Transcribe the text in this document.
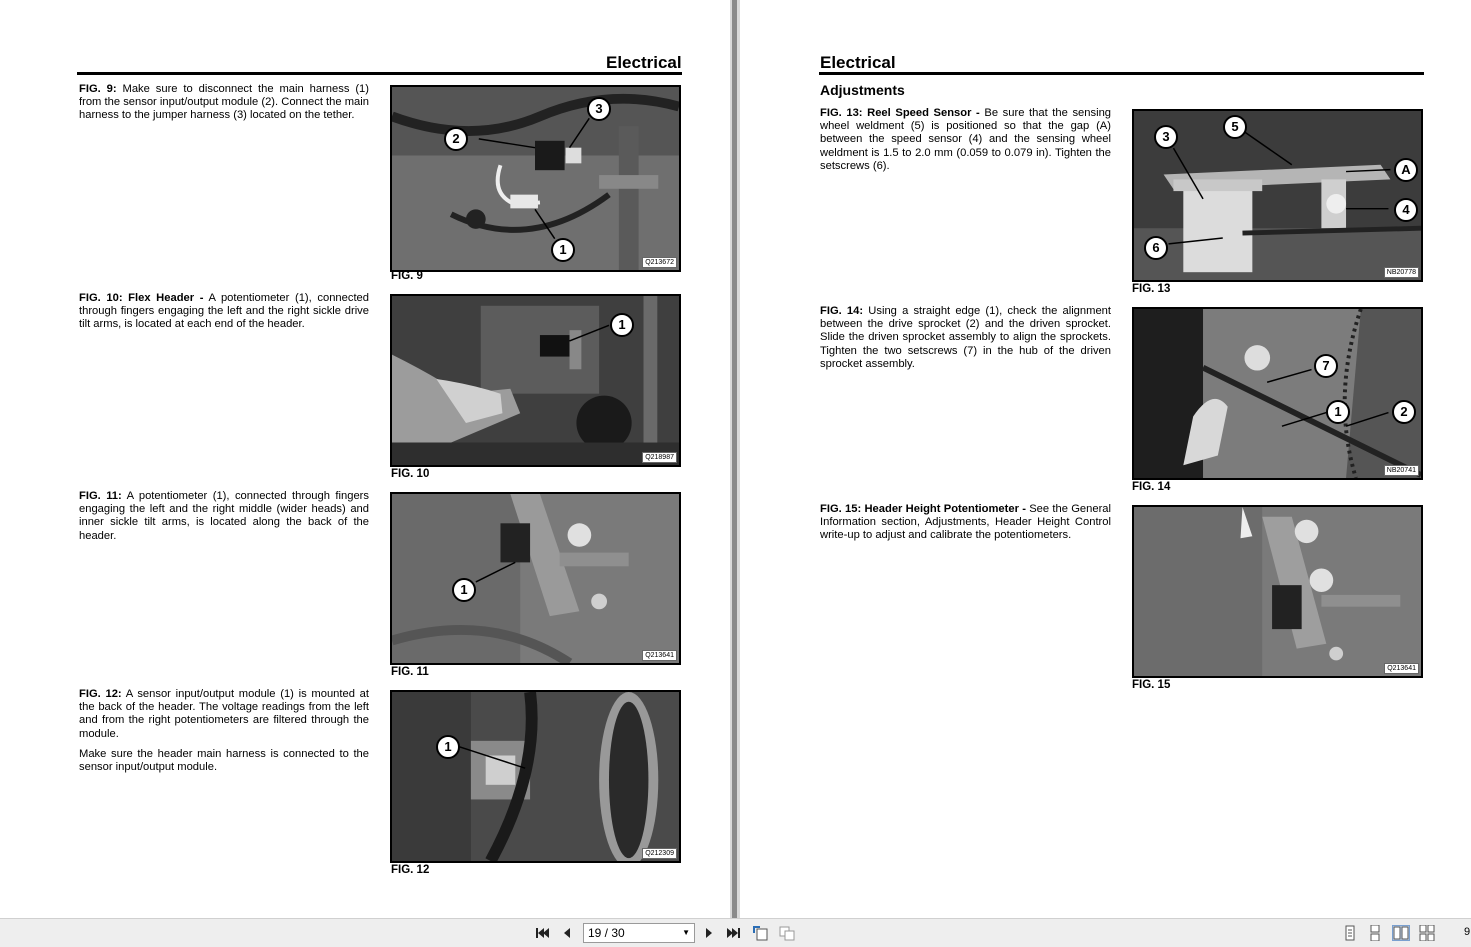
Electrical
FIG. 9: Make sure to disconnect the main harness (1) from the sensor input/output module (2). Connect the main harness to the jumper harness (3) located on the tether.
2
3
1
Q213672
FIG. 9
FIG. 10: Flex Header - A potentiometer (1), connected through fingers engaging the left and the right sickle drive tilt arms, is located at each end of the header.	1
Q218987
FIG. 10
FIG. 11: A potentiometer (1), connected through fingers engaging the left and the right middle (wider heads) and inner sickle tilt arms, is located along the back of the header.
1
Q213641
FIG. 11
FIG. 12: A sensor input/output module (1) is mounted at the back of the header. The voltage readings from the left and from the right potentiometers are filtered through the module.
Make sure the header main harness is connected to the sensor input/output module.
1
Q212309
FIG. 12
Electrical
Adjustments
FIG. 13: Reel Speed Sensor - Be sure that the sensing wheel weldment (5) is positioned so that the gap (A) between the speed sensor (4) and the sensing wheel weldment is 1.5 to 2.0 mm (0.059 to 0.079 in). Tighten the setscrews (6).
3
5
A
4
6
NB20778
FIG. 13
FIG. 14: Using a straight edge (1), check the alignment between the drive sprocket (2) and the driven sprocket. Slide the driven sprocket assembly to align the sprockets. Tighten the two setscrews (7) in the hub of the driven sprocket assembly.	7
1	2
NB20741
FIG. 14
FIG. 15: Header Height Potentiometer - See the General Information section, Adjustments, Header Height Control write-up to adjust and calibrate the potentiometers.
Q213641
FIG. 15
19 / 30	▼	9
